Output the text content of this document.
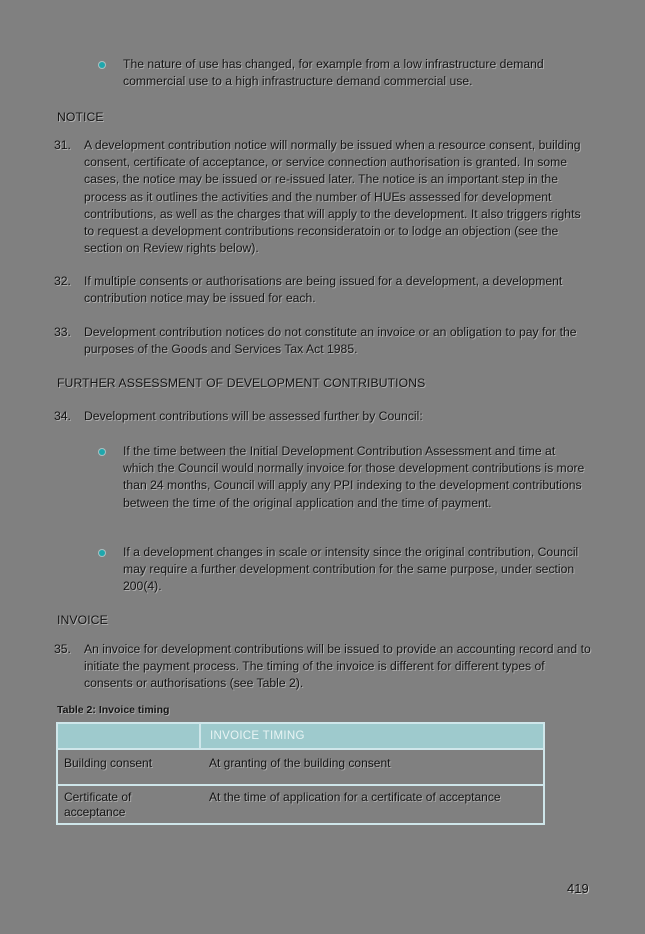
The nature of use has changed, for example from a low infrastructure demand commercial use to a high infrastructure demand commercial use.
NOTICE
31. A development contribution notice will normally be issued when a resource consent, building consent, certificate of acceptance, or service connection authorisation is granted. In some cases, the notice may be issued or re-issued later. The notice is an important step in the process as it outlines the activities and the number of HUEs assessed for development contributions, as well as the charges that will apply to the development. It also triggers rights to request a development contributions reconsideratoin or to lodge an objection (see the section on Review rights below).
32. If multiple consents or authorisations are being issued for a development, a development contribution notice may be issued for each.
33. Development contribution notices do not constitute an invoice or an obligation to pay for the purposes of the Goods and Services Tax Act 1985.
FURTHER ASSESSMENT OF DEVELOPMENT CONTRIBUTIONS
34. Development contributions will be assessed further by Council:
If the time between the Initial Development Contribution Assessment and time at which the Council would normally invoice for those development contributions is more than 24 months, Council will apply any PPI indexing to the development contributions between the time of the original application and the time of payment.
If a development changes in scale or intensity since the original contribution, Council may require a further development contribution for the same purpose, under section 200(4).
INVOICE
35. An invoice for development contributions will be issued to provide an accounting record and to initiate the payment process. The timing of the invoice is different for different types of consents or authorisations (see Table 2).
Table 2: Invoice timing
	INVOICE TIMING
Building consent	At granting of the building consent
Certificate of acceptance	At the time of application for a certificate of acceptance
419
